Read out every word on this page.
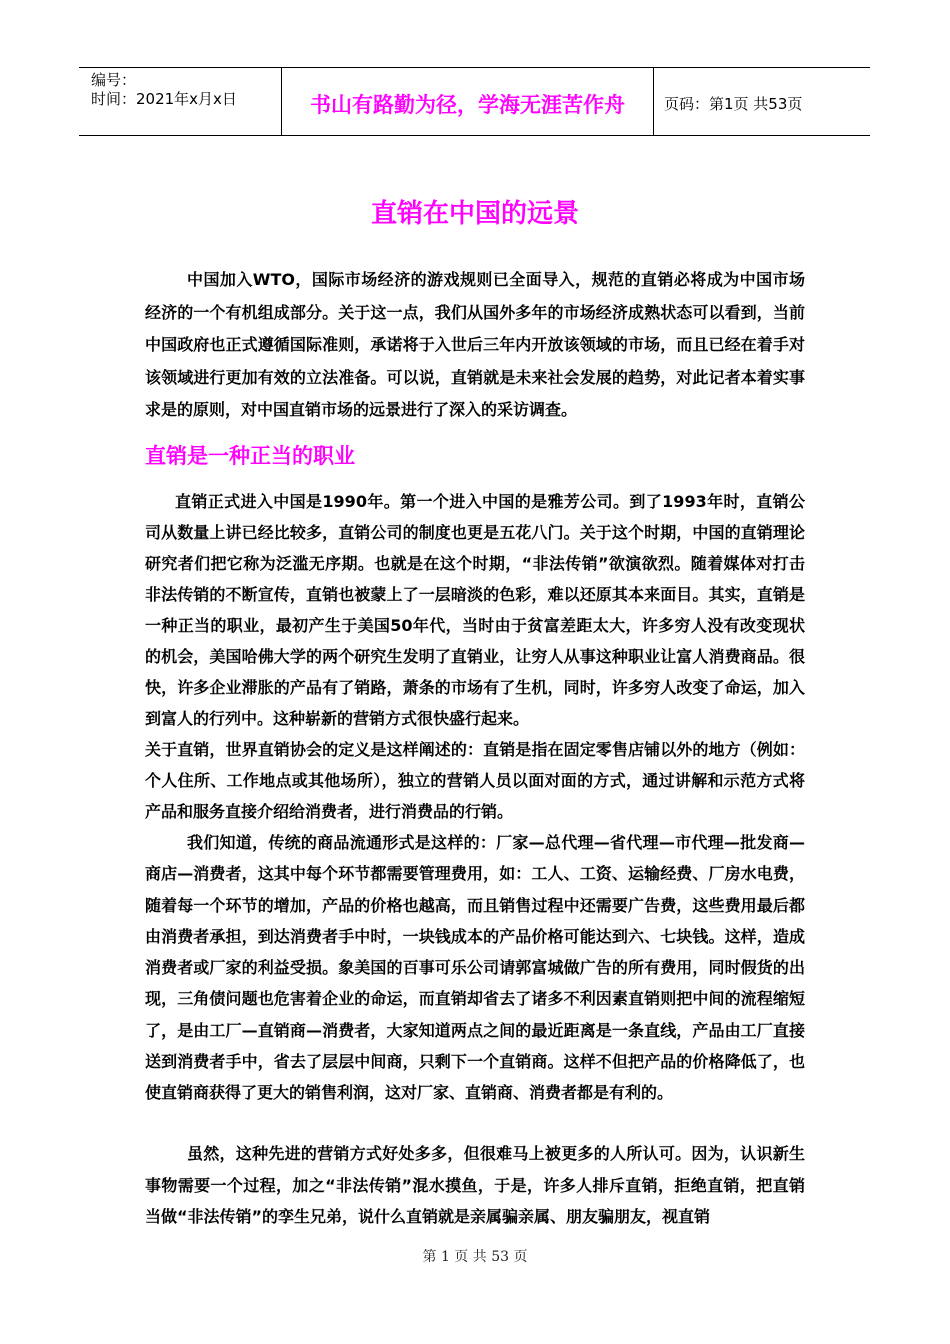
编号：
时间：2021年x月x日	书山有路勤为径，学海无涯苦作舟	页码：第1页 共53页
直销在中国的远景

中国加入WTO，国际市场经济的游戏规则已全面导入，规范的直销必将成为中国市场经济的一个有机组成部分。关于这一点，我们从国外多年的市场经济成熟状态可以看到，当前中国政府也正式遵循国际准则，承诺将于入世后三年内开放该领域的市场，而且已经在着手对该领域进行更加有效的立法准备。可以说，直销就是未来社会发展的趋势，对此记者本着实事求是的原则，对中国直销市场的远景进行了深入的采访调查。

直销是一种正当的职业

直销正式进入中国是1990年。第一个进入中国的是雅芳公司。到了1993年时，直销公司从数量上讲已经比较多，直销公司的制度也更是五花八门。关于这个时期，中国的直销理论研究者们把它称为泛滥无序期。也就是在这个时期，“非法传销”欲演欲烈。随着媒体对打击非法传销的不断宣传，直销也被蒙上了一层暗淡的色彩，难以还原其本来面目。其实，直销是一种正当的职业，最初产生于美国50年代，当时由于贫富差距太大，许多穷人没有改变现状的机会，美国哈佛大学的两个研究生发明了直销业，让穷人从事这种职业让富人消费商品。很快，许多企业滞胀的产品有了销路，萧条的市场有了生机，同时，许多穷人改变了命运，加入到富人的行列中。这种崭新的营销方式很快盛行起来。

关于直销，世界直销协会的定义是这样阐述的：直销是指在固定零售店铺以外的地方（例如：个人住所、工作地点或其他场所），独立的营销人员以面对面的方式，通过讲解和示范方式将产品和服务直接介绍给消费者，进行消费品的行销。

我们知道，传统的商品流通形式是这样的：厂家—总代理—省代理—市代理—批发商—商店—消费者，这其中每个环节都需要管理费用，如：工人、工资、运输经费、厂房水电费，随着每一个环节的增加，产品的价格也越高，而且销售过程中还需要广告费，这些费用最后都由消费者承担，到达消费者手中时，一块钱成本的产品价格可能达到六、七块钱。这样，造成消费者或厂家的利益受损。象美国的百事可乐公司请郭富城做广告的所有费用，同时假货的出现，三角债问题也危害着企业的命运，而直销却省去了诸多不利因素直销则把中间的流程缩短了，是由工厂—直销商—消费者，大家知道两点之间的最近距离是一条直线，产品由工厂直接送到消费者手中，省去了层层中间商，只剩下一个直销商。这样不但把产品的价格降低了，也使直销商获得了更大的销售利润，这对厂家、直销商、消费者都是有利的。

虽然，这种先进的营销方式好处多多，但很难马上被更多的人所认可。因为，认识新生事物需要一个过程，加之“非法传销”混水摸鱼，于是，许多人排斥直销，拒绝直销，把直销当做“非法传销”的孪生兄弟，说什么直销就是亲属骗亲属、朋友骗朋友，视直销

第 1 页 共 53 页
